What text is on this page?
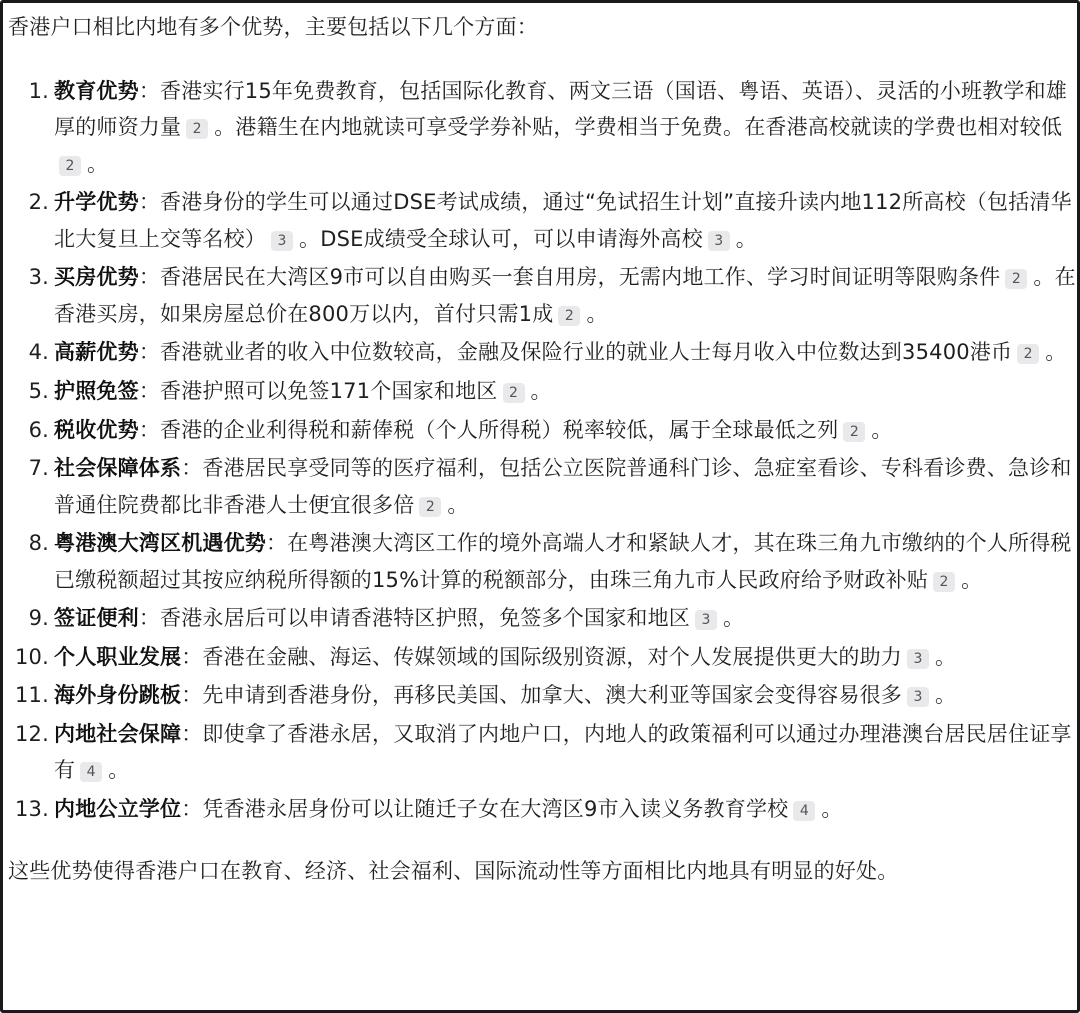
香港户口相比内地有多个优势，主要包括以下几个方面：

1. 教育优势：香港实行15年免费教育，包括国际化教育、两文三语（国语、粤语、英语）、灵活的小班教学和雄厚的师资力量 2 。港籍生在内地就读可享受学券补贴，学费相当于免费。在香港高校就读的学费也相对较低2 。
2. 升学优势：香港身份的学生可以通过DSE考试成绩，通过“免试招生计划”直接升读内地112所高校（包括清华北大复旦上交等名校） 3 。DSE成绩受全球认可，可以申请海外高校 3 。
3. 买房优势：香港居民在大湾区9市可以自由购买一套自用房，无需内地工作、学习时间证明等限购条件 2 。在香港买房，如果房屋总价在800万以内，首付只需1成 2 。
4. 高薪优势：香港就业者的收入中位数较高，金融及保险行业的就业人士每月收入中位数达到35400港币 2 。
5. 护照免签：香港护照可以免签171个国家和地区 2 。
6. 税收优势：香港的企业利得税和薪俸税（个人所得税）税率较低，属于全球最低之列 2 。
7. 社会保障体系：香港居民享受同等的医疗福利，包括公立医院普通科门诊、急症室看诊、专科看诊费、急诊和普通住院费都比非香港人士便宜很多倍 2 。
8. 粤港澳大湾区机遇优势：在粤港澳大湾区工作的境外高端人才和紧缺人才，其在珠三角九市缴纳的个人所得税已缴税额超过其按应纳税所得额的15%计算的税额部分，由珠三角九市人民政府给予财政补贴 2 。
9. 签证便利：香港永居后可以申请香港特区护照，免签多个国家和地区 3 。
10. 个人职业发展：香港在金融、海运、传媒领域的国际级别资源，对个人发展提供更大的助力 3 。
11. 海外身份跳板：先申请到香港身份，再移民美国、加拿大、澳大利亚等国家会变得容易很多 3 。
12. 内地社会保障：即使拿了香港永居，又取消了内地户口，内地人的政策福利可以通过办理港澳台居民居住证享有 4 。
13. 内地公立学位：凭香港永居身份可以让随迁子女在大湾区9市入读义务教育学校 4 。

这些优势使得香港户口在教育、经济、社会福利、国际流动性等方面相比内地具有明显的好处。
